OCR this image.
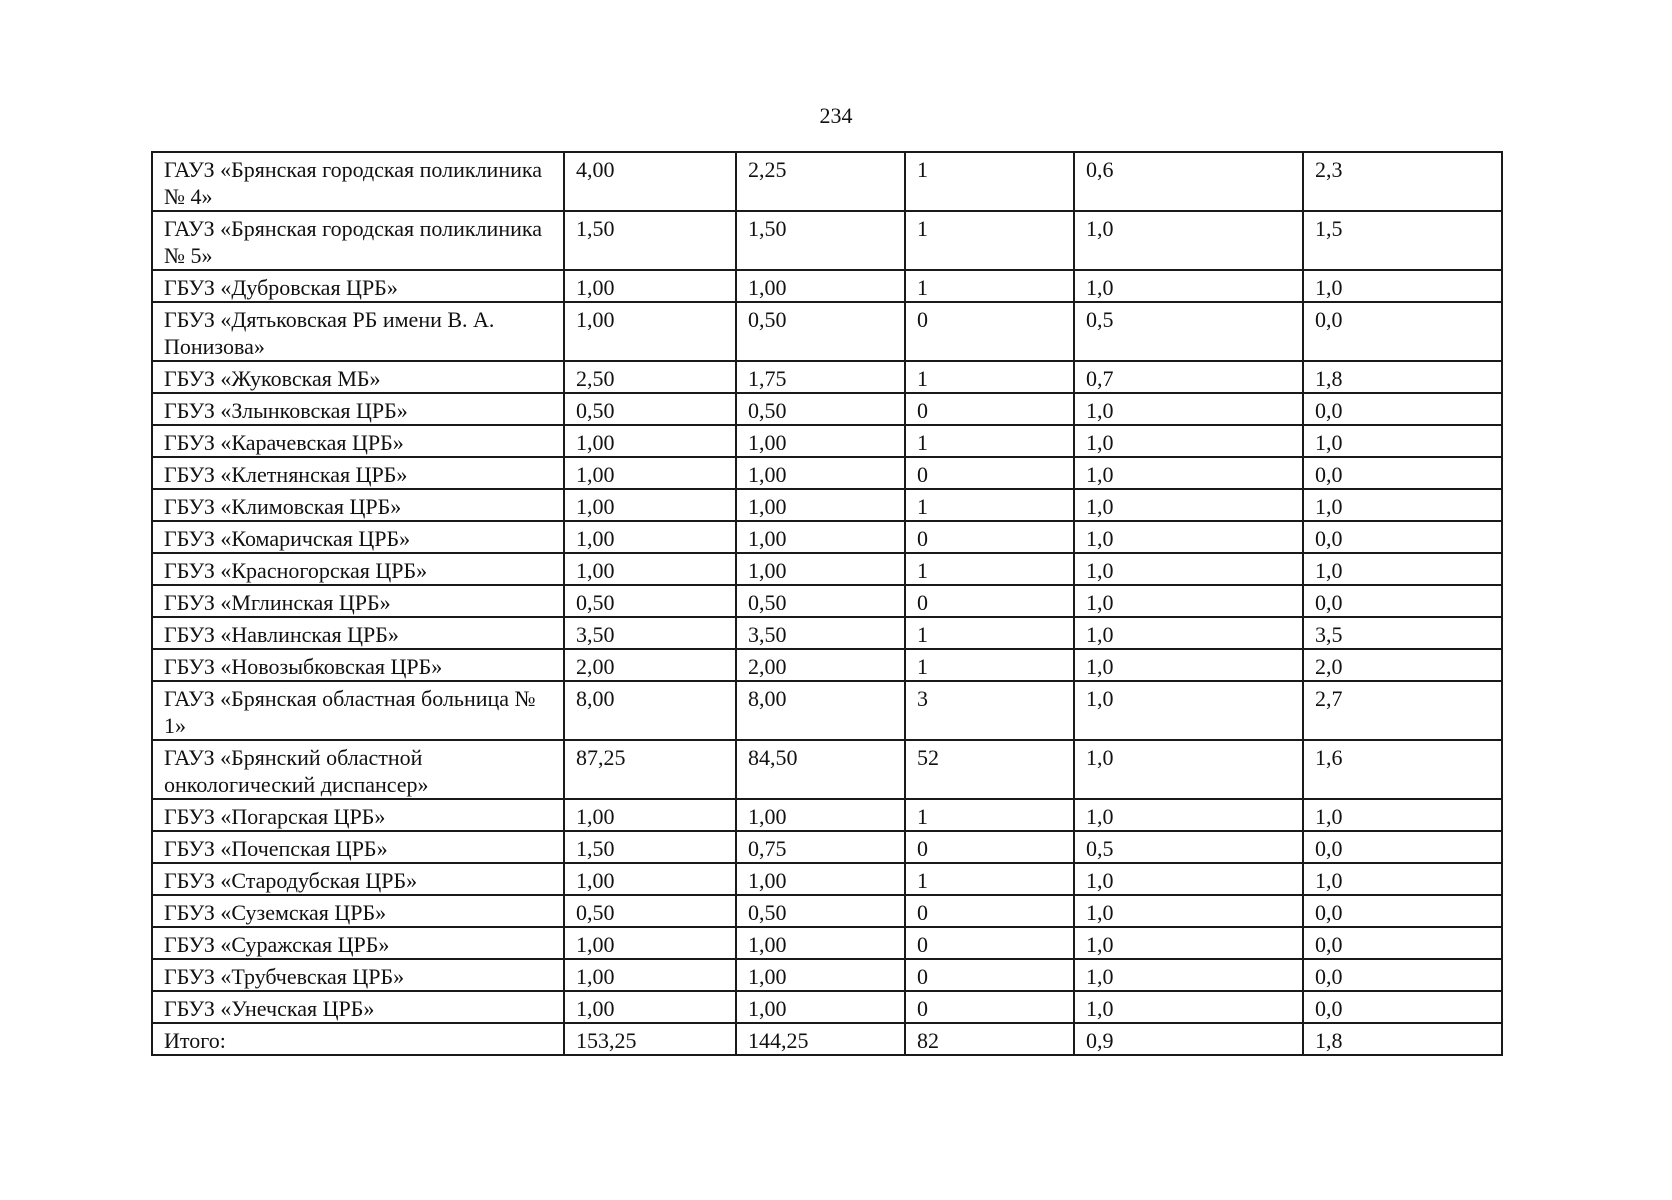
234
ГАУЗ «Брянская городская поликлиника № 4»	4,00	2,25	1	0,6	2,3
ГАУЗ «Брянская городская поликлиника № 5»	1,50	1,50	1	1,0	1,5
ГБУЗ «Дубровская ЦРБ»	1,00	1,00	1	1,0	1,0
ГБУЗ «Дятьковская РБ имени В. А. Понизова»	1,00	0,50	0	0,5	0,0
ГБУЗ «Жуковская МБ»	2,50	1,75	1	0,7	1,8
ГБУЗ «Злынковская ЦРБ»	0,50	0,50	0	1,0	0,0
ГБУЗ «Карачевская ЦРБ»	1,00	1,00	1	1,0	1,0
ГБУЗ «Клетнянская ЦРБ»	1,00	1,00	0	1,0	0,0
ГБУЗ «Климовская ЦРБ»	1,00	1,00	1	1,0	1,0
ГБУЗ «Комаричская ЦРБ»	1,00	1,00	0	1,0	0,0
ГБУЗ «Красногорская ЦРБ»	1,00	1,00	1	1,0	1,0
ГБУЗ «Мглинская ЦРБ»	0,50	0,50	0	1,0	0,0
ГБУЗ «Навлинская ЦРБ»	3,50	3,50	1	1,0	3,5
ГБУЗ «Новозыбковская ЦРБ»	2,00	2,00	1	1,0	2,0
ГАУЗ «Брянская областная больница № 1»	8,00	8,00	3	1,0	2,7
ГАУЗ «Брянский областной онкологический диспансер»	87,25	84,50	52	1,0	1,6
ГБУЗ «Погарская ЦРБ»	1,00	1,00	1	1,0	1,0
ГБУЗ «Почепская ЦРБ»	1,50	0,75	0	0,5	0,0
ГБУЗ «Стародубская ЦРБ»	1,00	1,00	1	1,0	1,0
ГБУЗ «Суземская ЦРБ»	0,50	0,50	0	1,0	0,0
ГБУЗ «Суражская ЦРБ»	1,00	1,00	0	1,0	0,0
ГБУЗ «Трубчевская ЦРБ»	1,00	1,00	0	1,0	0,0
ГБУЗ «Унечская ЦРБ»	1,00	1,00	0	1,0	0,0
Итого:	153,25	144,25	82	0,9	1,8
